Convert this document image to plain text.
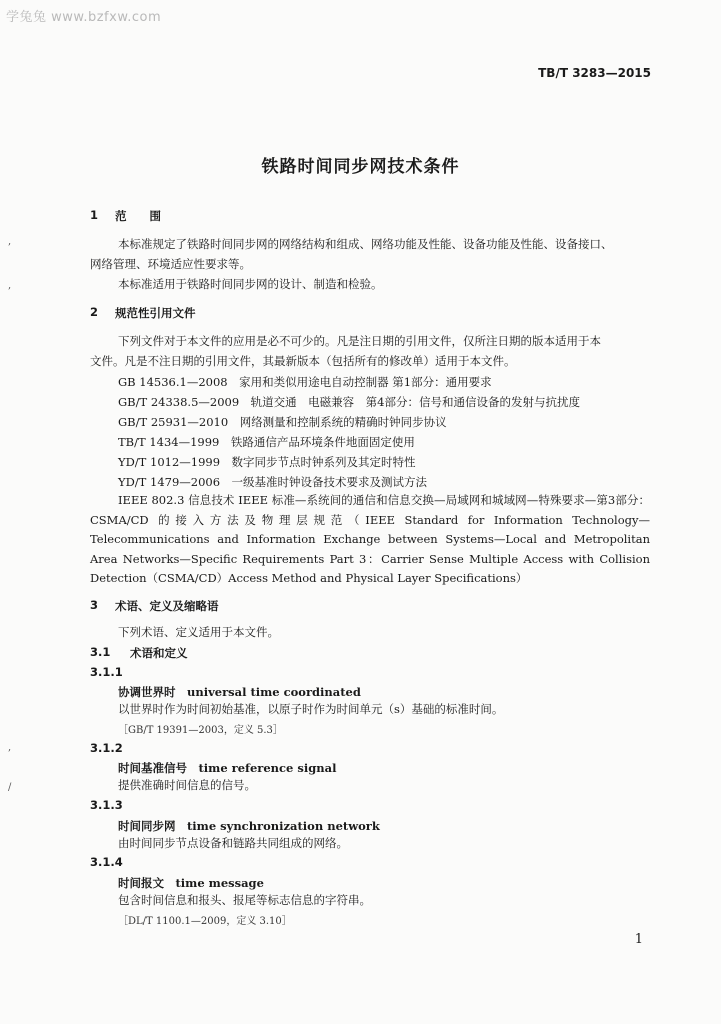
学兔兔 www.bzfxw.com
TB/T 3283—2015
铁路时间同步网技术条件
1 范　　围
本标准规定了铁路时间同步网的网络结构和组成、网络功能及性能、设备功能及性能、设备接口、
网络管理、环境适应性要求等。
本标准适用于铁路时间同步网的设计、制造和检验。
2 规范性引用文件
下列文件对于本文件的应用是必不可少的。凡是注日期的引用文件，仅所注日期的版本适用于本
文件。凡是不注日期的引用文件，其最新版本（包括所有的修改单）适用于本文件。
GB 14536.1—2008　家用和类似用途电自动控制器 第1部分：通用要求
GB/T 24338.5—2009　轨道交通　电磁兼容　第4部分：信号和通信设备的发射与抗扰度
GB/T 25931—2010　网络测量和控制系统的精确时钟同步协议
TB/T 1434—1999　铁路通信产品环境条件地面固定使用
YD/T 1012—1999　数字同步节点时钟系列及其定时特性
YD/T 1479—2006　一级基准时钟设备技术要求及测试方法
IEEE 802.3 信息技术 IEEE 标准—系统间的通信和信息交换—局域网和城域网—特殊要求—第3部分：CSMA/CD 的接入方法及物理层规范（IEEE Standard for Information Technology—Telecommunications and Information Exchange between Systems—Local and Metropolitan Area Networks—Specific Requirements Part 3：Carrier Sense Multiple Access with Collision Detection（CSMA/CD）Access Method and Physical Layer Specifications）
3 术语、定义及缩略语
下列术语、定义适用于本文件。
3.1 术语和定义
3.1.1
协调世界时　universal time coordinated
以世界时作为时间初始基准，以原子时作为时间单元（s）基础的标准时间。
［GB/T 19391—2003，定义 5.3］
3.1.2
时间基准信号　time reference signal
提供准确时间信息的信号。
3.1.3
时间同步网　time synchronization network
由时间同步节点设备和链路共同组成的网络。
3.1.4
时间报文　time message
包含时间信息和报头、报尾等标志信息的字符串。
［DL/T 1100.1—2009，定义 3.10］
1
,
,
,
/
